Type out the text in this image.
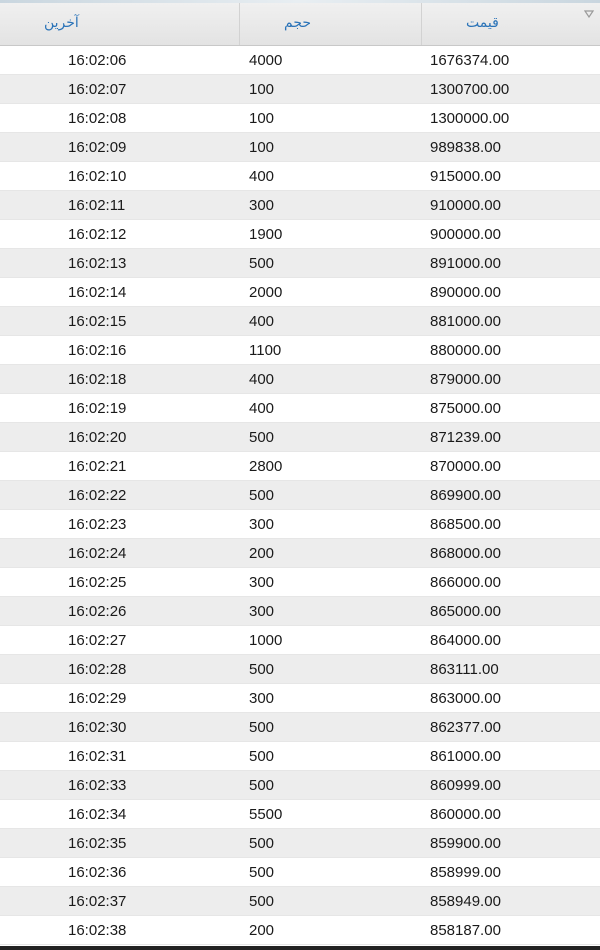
آخرین	حجم	قیمت
16:02:06	4000	1676374.00
16:02:07	100	1300700.00
16:02:08	100	1300000.00
16:02:09	100	989838.00
16:02:10	400	915000.00
16:02:11	300	910000.00
16:02:12	1900	900000.00
16:02:13	500	891000.00
16:02:14	2000	890000.00
16:02:15	400	881000.00
16:02:16	1100	880000.00
16:02:18	400	879000.00
16:02:19	400	875000.00
16:02:20	500	871239.00
16:02:21	2800	870000.00
16:02:22	500	869900.00
16:02:23	300	868500.00
16:02:24	200	868000.00
16:02:25	300	866000.00
16:02:26	300	865000.00
16:02:27	1000	864000.00
16:02:28	500	863111.00
16:02:29	300	863000.00
16:02:30	500	862377.00
16:02:31	500	861000.00
16:02:33	500	860999.00
16:02:34	5500	860000.00
16:02:35	500	859900.00
16:02:36	500	858999.00
16:02:37	500	858949.00
16:02:38	200	858187.00
